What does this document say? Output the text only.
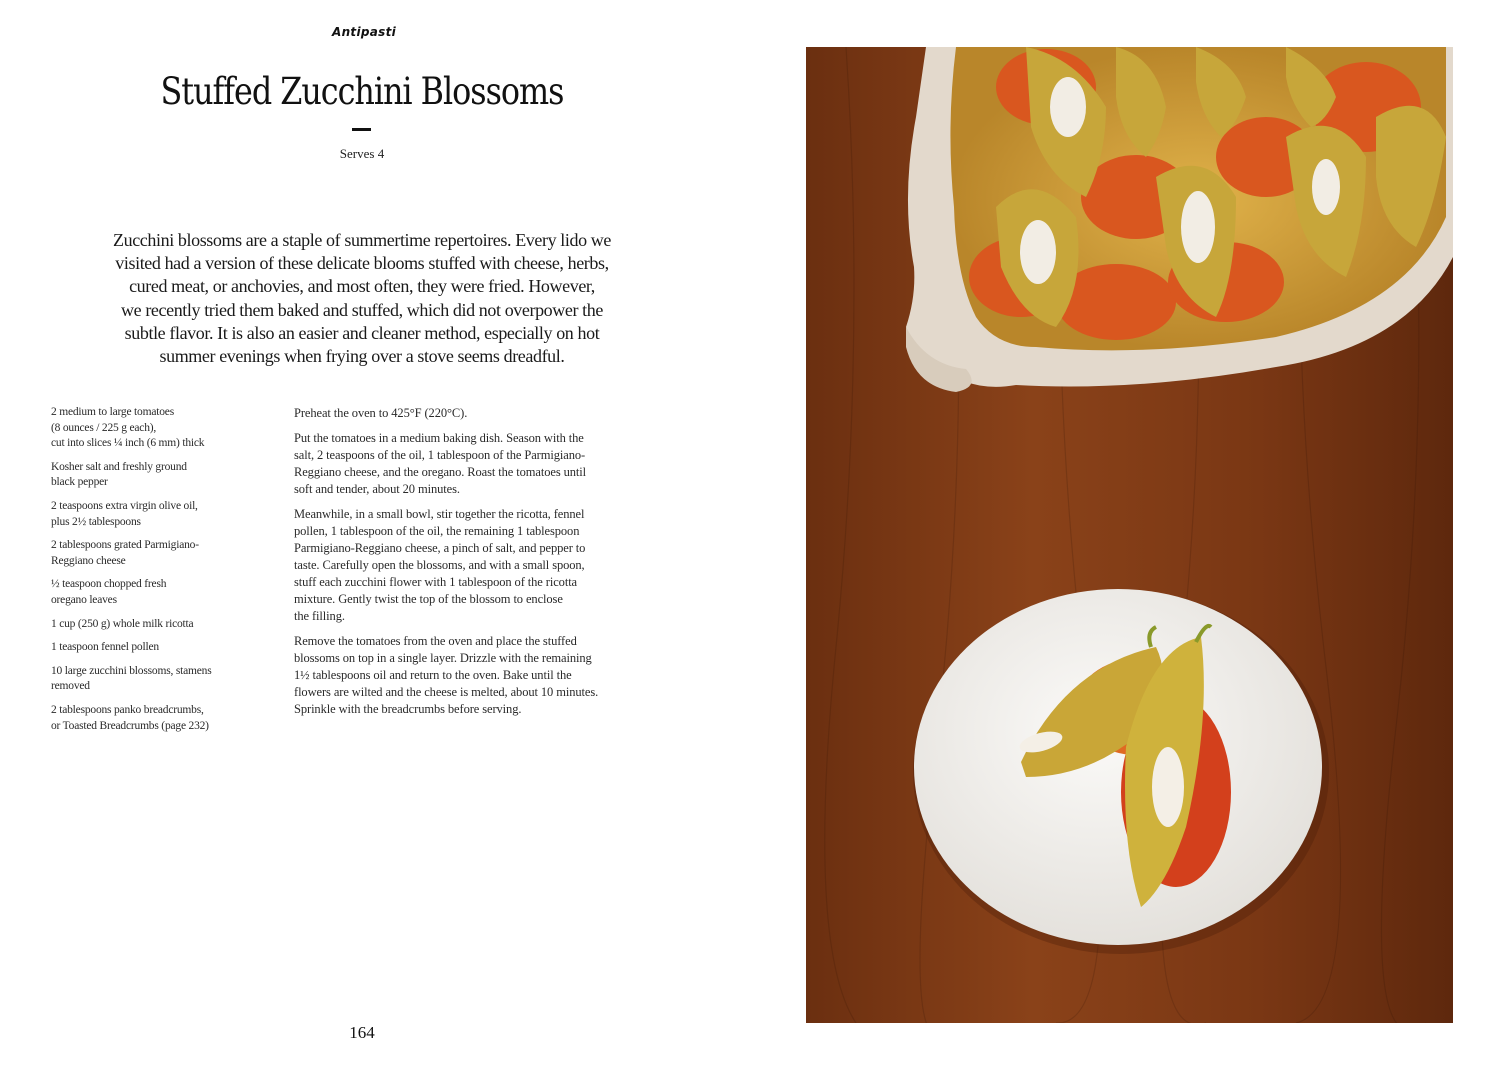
Antipasti
Stuffed Zucchini Blossoms
Serves 4

Zucchini blossoms are a staple of summertime repertoires. Every lido we
visited had a version of these delicate blooms stuffed with cheese, herbs,
cured meat, or anchovies, and most often, they were fried. However,
we recently tried them baked and stuffed, which did not overpower the
subtle flavor. It is also an easier and cleaner method, especially on hot
summer evenings when frying over a stove seems dreadful.

2 medium to large tomatoes
(8 ounces / 225 g each),
cut into slices ¼ inch (6 mm) thick
Kosher salt and freshly ground
black pepper
2 teaspoons extra virgin olive oil,
plus 2½ tablespoons
2 tablespoons grated Parmigiano-
Reggiano cheese
½ teaspoon chopped fresh
oregano leaves
1 cup (250 g) whole milk ricotta
1 teaspoon fennel pollen
10 large zucchini blossoms, stamens
removed
2 tablespoons panko breadcrumbs,
or Toasted Breadcrumbs (page 232)

Preheat the oven to 425°F (220°C).

Put the tomatoes in a medium baking dish. Season with the
salt, 2 teaspoons of the oil, 1 tablespoon of the Parmigiano-
Reggiano cheese, and the oregano. Roast the tomatoes until
soft and tender, about 20 minutes.

Meanwhile, in a small bowl, stir together the ricotta, fennel
pollen, 1 tablespoon of the oil, the remaining 1 tablespoon
Parmigiano-Reggiano cheese, a pinch of salt, and pepper to
taste. Carefully open the blossoms, and with a small spoon,
stuff each zucchini flower with 1 tablespoon of the ricotta
mixture. Gently twist the top of the blossom to enclose
the filling.

Remove the tomatoes from the oven and place the stuffed
blossoms on top in a single layer. Drizzle with the remaining
1½ tablespoons oil and return to the oven. Bake until the
flowers are wilted and the cheese is melted, about 10 minutes.
Sprinkle with the breadcrumbs before serving.

164
